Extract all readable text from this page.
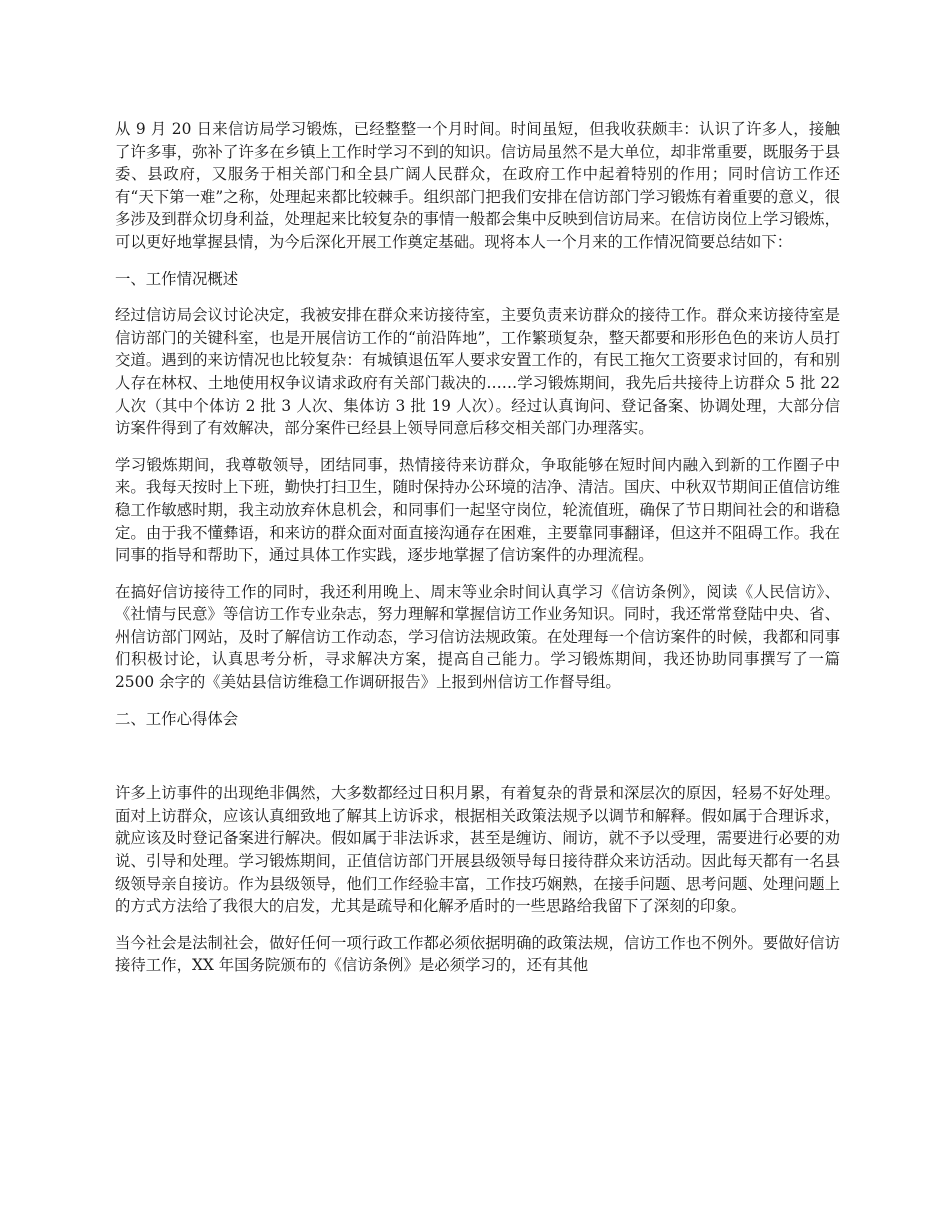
从 9 月 20 日来信访局学习锻炼，已经整整一个月时间。时间虽短，但我收获颇丰：认识了许多人，接触了许多事，弥补了许多在乡镇上工作时学习不到的知识。信访局虽然不是大单位，却非常重要，既服务于县委、县政府，又服务于相关部门和全县广阔人民群众，在政府工作中起着特别的作用；同时信访工作还有“天下第一难”之称，处理起来都比较棘手。组织部门把我们安排在信访部门学习锻炼有着重要的意义，很多涉及到群众切身利益，处理起来比较复杂的事情一般都会集中反映到信访局来。在信访岗位上学习锻炼，可以更好地掌握县情，为今后深化开展工作奠定基础。现将本人一个月来的工作情况简要总结如下：

一、工作情况概述

经过信访局会议讨论决定，我被安排在群众来访接待室，主要负责来访群众的接待工作。群众来访接待室是信访部门的关键科室，也是开展信访工作的“前沿阵地”，工作繁琐复杂，整天都要和形形色色的来访人员打交道。遇到的来访情况也比较复杂：有城镇退伍军人要求安置工作的，有民工拖欠工资要求讨回的，有和别人存在林权、土地使用权争议请求政府有关部门裁决的……学习锻炼期间，我先后共接待上访群众 5 批 22 人次（其中个体访 2 批 3 人次、集体访 3 批 19 人次）。经过认真询问、登记备案、协调处理，大部分信访案件得到了有效解决，部分案件已经县上领导同意后移交相关部门办理落实。

学习锻炼期间，我尊敬领导，团结同事，热情接待来访群众，争取能够在短时间内融入到新的工作圈子中来。我每天按时上下班，勤快打扫卫生，随时保持办公环境的洁净、清洁。国庆、中秋双节期间正值信访维稳工作敏感时期，我主动放弃休息机会，和同事们一起坚守岗位，轮流值班，确保了节日期间社会的和谐稳定。由于我不懂彝语，和来访的群众面对面直接沟通存在困难，主要靠同事翻译，但这并不阻碍工作。我在同事的指导和帮助下，通过具体工作实践，逐步地掌握了信访案件的办理流程。

在搞好信访接待工作的同时，我还利用晚上、周末等业余时间认真学习《信访条例》，阅读《人民信访》、《社情与民意》等信访工作专业杂志，努力理解和掌握信访工作业务知识。同时，我还常常登陆中央、省、州信访部门网站，及时了解信访工作动态，学习信访法规政策。在处理每一个信访案件的时候，我都和同事们积极讨论，认真思考分析，寻求解决方案，提高自己能力。学习锻炼期间，我还协助同事撰写了一篇 2500 余字的《美姑县信访维稳工作调研报告》上报到州信访工作督导组。

二、工作心得体会

许多上访事件的出现绝非偶然，大多数都经过日积月累，有着复杂的背景和深层次的原因，轻易不好处理。面对上访群众，应该认真细致地了解其上访诉求，根据相关政策法规予以调节和解释。假如属于合理诉求，就应该及时登记备案进行解决。假如属于非法诉求，甚至是缠访、闹访，就不予以受理，需要进行必要的劝说、引导和处理。学习锻炼期间，正值信访部门开展县级领导每日接待群众来访活动。因此每天都有一名县级领导亲自接访。作为县级领导，他们工作经验丰富，工作技巧娴熟，在接手问题、思考问题、处理问题上的方式方法给了我很大的启发，尤其是疏导和化解矛盾时的一些思路给我留下了深刻的印象。

当今社会是法制社会，做好任何一项行政工作都必须依据明确的政策法规，信访工作也不例外。要做好信访接待工作，XX 年国务院颁布的《信访条例》是必须学习的，还有其他
